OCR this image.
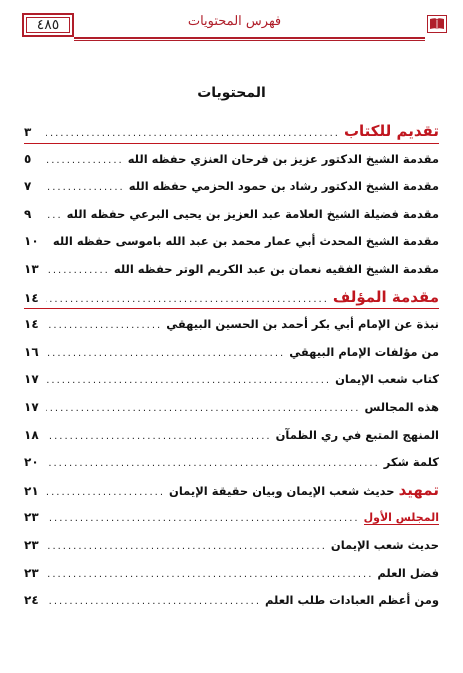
٤٨٥	فهرس المحتويات
المحتويات
تقديم للكتاب
.....
٣
مقدمة الشيخ الدكتور عزيز بن فرحان العنزي حفظه الله
.....
٥
مقدمة الشيخ الدكتور رشاد بن حمود الحزمي حفظه الله
.....
٧
مقدمة فضيلة الشيخ العلامة عبد العزيز بن يحيى البرعي حفظه الله
.....
٩
مقدمة الشيخ المحدث أبي عمار محمد بن عبد الله باموسى حفظه الله
.....
١٠
مقدمة الشيخ الفقيه نعمان بن عبد الكريم الوتر حفظه الله
.....
١٣
مقدمة المؤلف
.....
١٤
نبذة عن الإمام أبي بكر أحمد بن الحسين البيهقي
.....
١٤
من مؤلفات الإمام البيهقي
.....
١٦
كتاب شعب الإيمان
.....
١٧
هذه المجالس
.....
١٧
المنهج المتبع في ري الظمآن
.....
١٨
كلمة شكر
.....
٢٠
تمهيد حديث شعب الإيمان وبيان حقيقة الإيمان
.....
٢١
المجلس الأول
.....
٢٣
حديث شعب الإيمان
.....
٢٣
فضل العلم
.....
٢٣
ومن أعظم العبادات طلب العلم
.....
٢٤
